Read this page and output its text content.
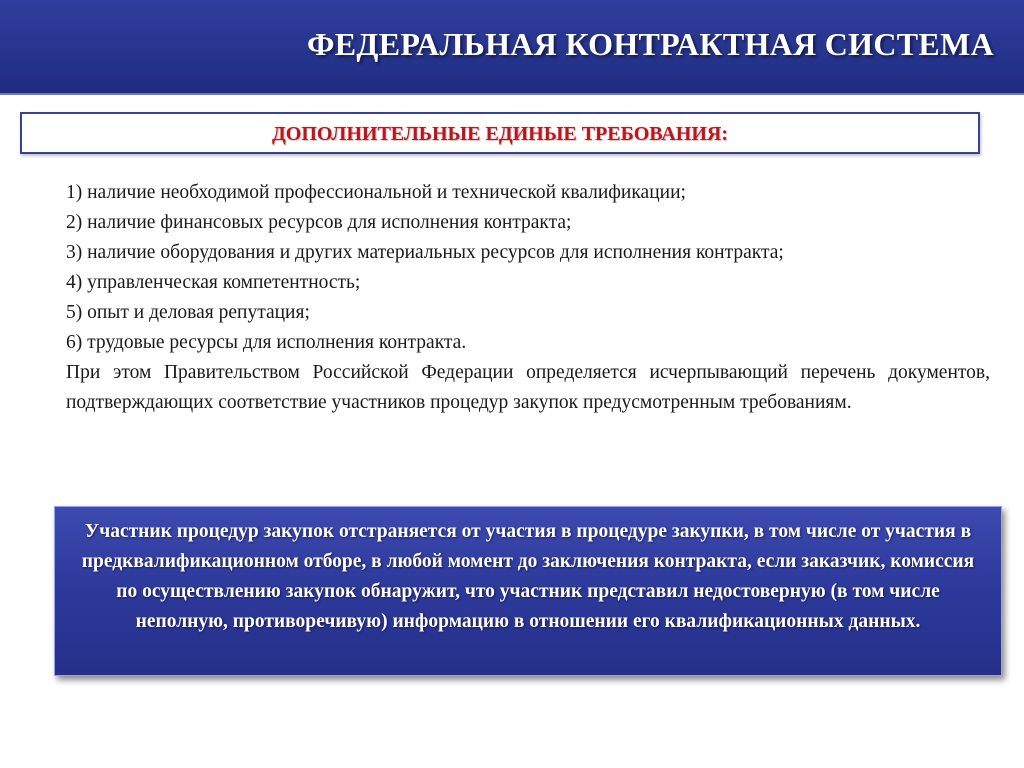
ФЕДЕРАЛЬНАЯ КОНТРАКТНАЯ СИСТЕМА
ДОПОЛНИТЕЛЬНЫЕ ЕДИНЫЕ ТРЕБОВАНИЯ:

1) наличие необходимой профессиональной и технической квалификации;

2) наличие финансовых ресурсов для исполнения контракта;

3) наличие оборудования и других материальных ресурсов для исполнения контракта;

4) управленческая компетентность;

5) опыт и деловая репутация;

6) трудовые ресурсы для исполнения контракта.

При этом Правительством Российской Федерации определяется исчерпывающий перечень документов, подтверждающих соответствие участников процедур закупок предусмотренным требованиям.

Участник процедур закупок отстраняется от участия в процедуре закупки, в том числе от участия в предквалификационном отборе, в любой момент до заключения контракта, если заказчик, комиссия по осуществлению закупок обнаружит, что участник представил недостоверную (в том числе неполную, противоречивую) информацию в отношении его квалификационных данных.
